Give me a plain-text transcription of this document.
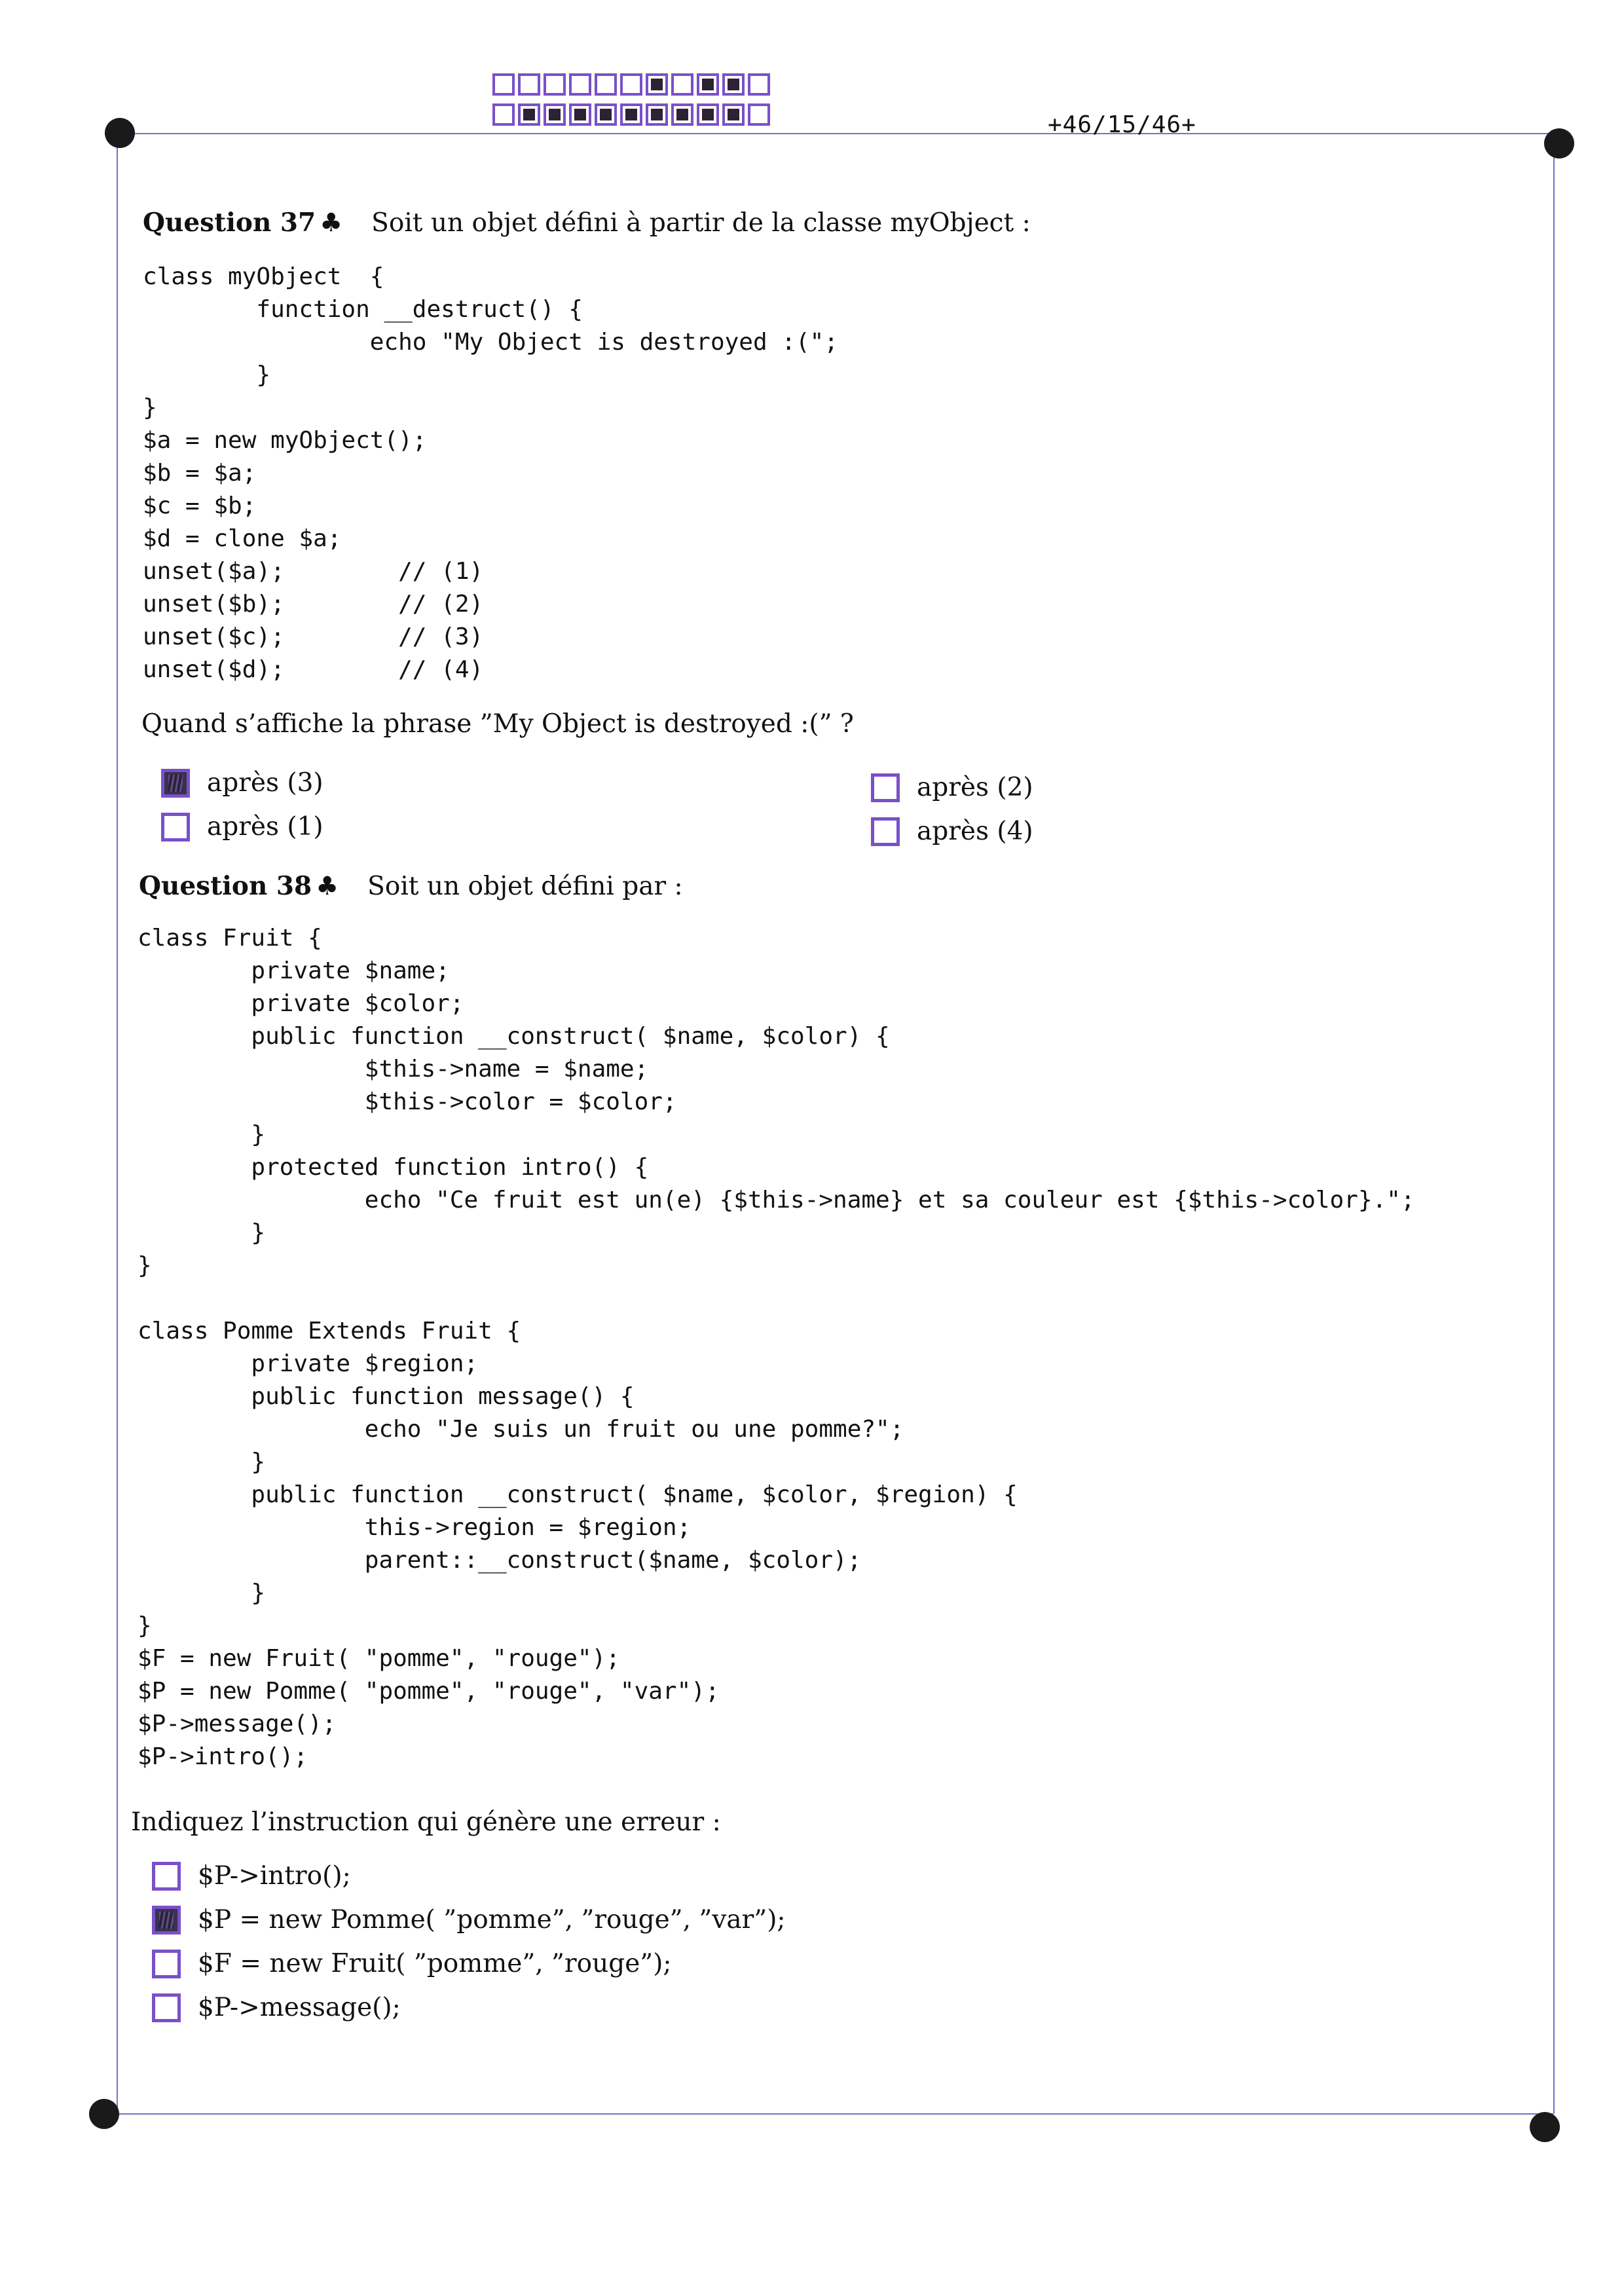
+46/15/46+
Question 37 ♣ Soit un objet défini à partir de la classe myObject :
class myObject  {
function __destruct() {
echo "My Object is destroyed :(";
}
}
$a = new myObject();
$b = $a;
$c = $b;
$d = clone $a;
unset($a);        // (1)
unset($b);        // (2)
unset($c);        // (3)
unset($d);        // (4)
Quand s’affiche la phrase ”My Object is destroyed :(” ?
après (3)
après (1)
après (2)
après (4)
Question 38 ♣ Soit un objet défini par :
class Fruit {
private $name;
private $color;
public function __construct( $name, $color) {
$this->name = $name;
$this->color = $color;
}
protected function intro() {
echo "Ce fruit est un(e) {$this->name} et sa couleur est {$this->color}.";
}
}

class Pomme Extends Fruit {
private $region;
public function message() {
echo "Je suis un fruit ou une pomme?";
}
public function __construct( $name, $color, $region) {
this->region = $region;
parent::__construct($name, $color);
}
}
$F = new Fruit( "pomme", "rouge");
$P = new Pomme( "pomme", "rouge", "var");
$P->message();
$P->intro();
Indiquez l’instruction qui génère une erreur :
$P->intro();
$P = new Pomme( ”pomme”, ”rouge”, ”var”);
$F = new Fruit( ”pomme”, ”rouge”);
$P->message();
